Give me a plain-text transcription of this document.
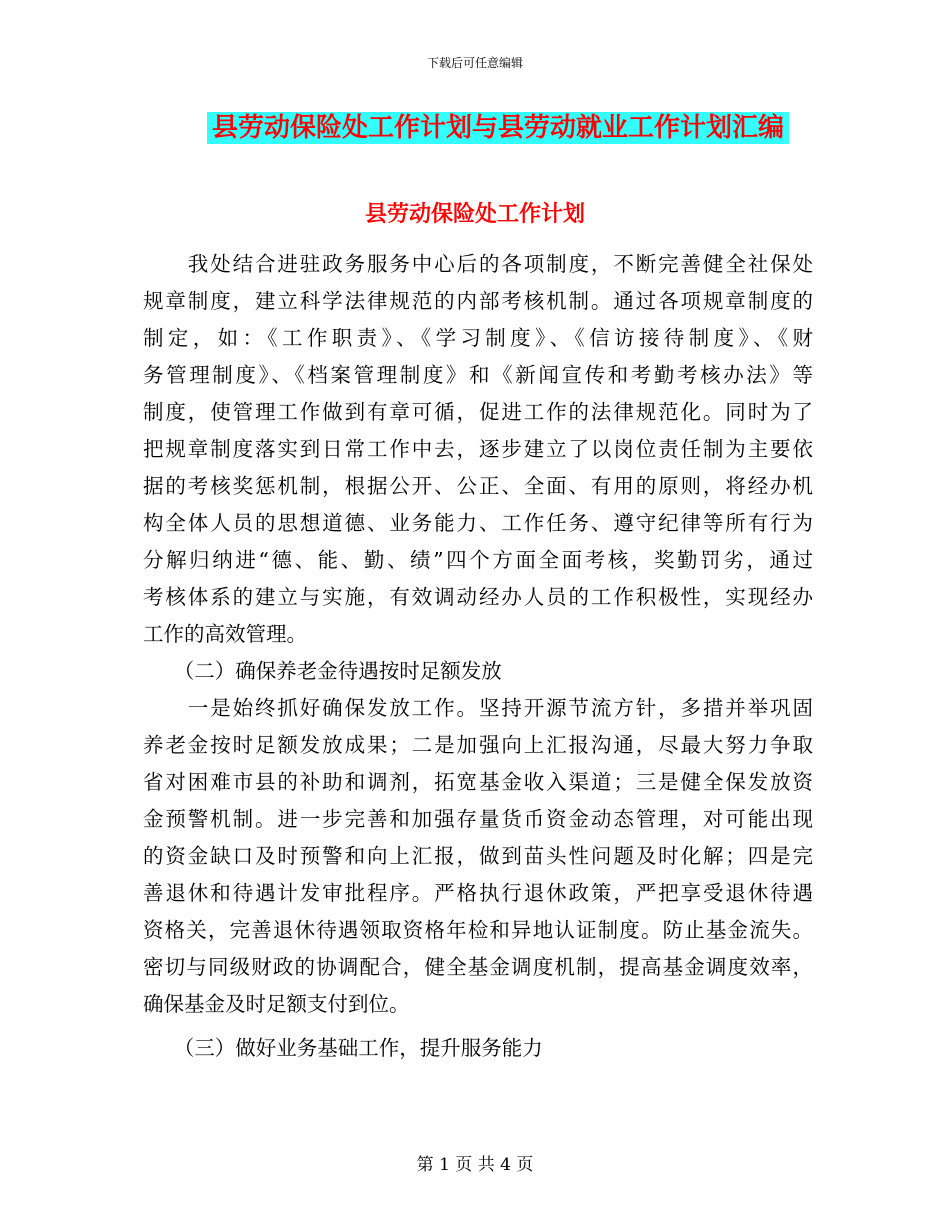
下载后可任意编辑
县劳动保险处工作计划与县劳动就业工作计划汇编
县劳动保险处工作计划
　　我处结合进驻政务服务中心后的各项制度，不断完善健全社保处
规章制度，建立科学法律规范的内部考核机制。通过各项规章制度的
制定，如：《工作职责》、《学习制度》、《信访接待制度》、《财
务管理制度》、《档案管理制度》和《新闻宣传和考勤考核办法》等
制度，使管理工作做到有章可循，促进工作的法律规范化。同时为了
把规章制度落实到日常工作中去，逐步建立了以岗位责任制为主要依
据的考核奖惩机制，根据公开、公正、全面、有用的原则，将经办机
构全体人员的思想道德、业务能力、工作任务、遵守纪律等所有行为
分解归纳进“德、能、勤、绩”四个方面全面考核，奖勤罚劣，通过
考核体系的建立与实施，有效调动经办人员的工作积极性，实现经办
工作的高效管理。
　　（二）确保养老金待遇按时足额发放
　　一是始终抓好确保发放工作。坚持开源节流方针，多措并举巩固
养老金按时足额发放成果；二是加强向上汇报沟通，尽最大努力争取
省对困难市县的补助和调剂，拓宽基金收入渠道；三是健全保发放资
金预警机制。进一步完善和加强存量货币资金动态管理，对可能出现
的资金缺口及时预警和向上汇报，做到苗头性问题及时化解；四是完
善退休和待遇计发审批程序。严格执行退休政策，严把享受退休待遇
资格关，完善退休待遇领取资格年检和异地认证制度。防止基金流失。
密切与同级财政的协调配合，健全基金调度机制，提高基金调度效率，
确保基金及时足额支付到位。
　　（三）做好业务基础工作，提升服务能力
第 1 页 共 4 页
